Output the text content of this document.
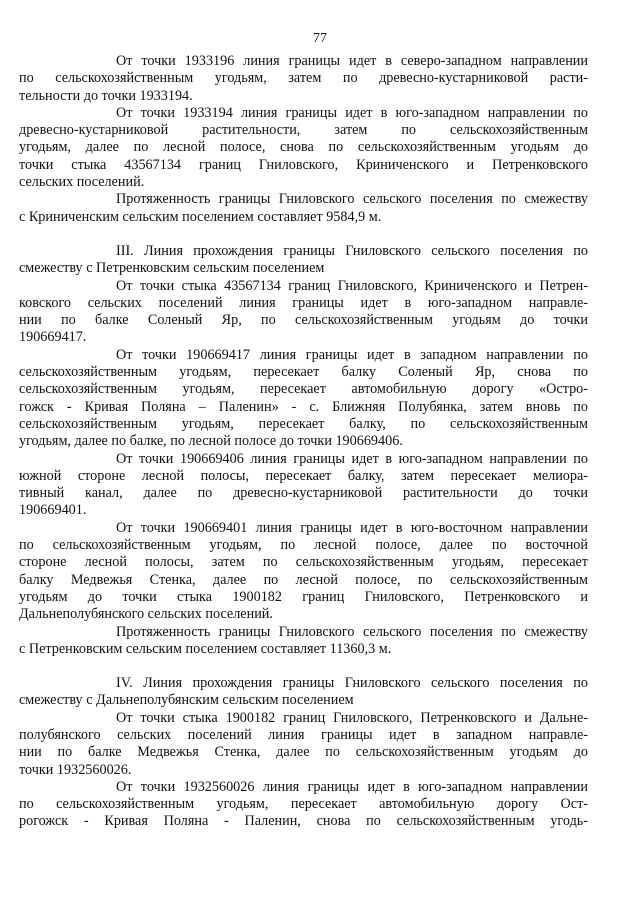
77
От точки 1933196 линия границы идет в северо-западном направлении
по сельскохозяйственным угодьям, затем по древесно-кустарниковой расти-
тельности до точки 1933194.
От точки 1933194 линия границы идет в юго-западном направлении по
древесно-кустарниковой растительности, затем по сельскохозяйственным
угодьям, далее по лесной полосе, снова по сельскохозяйственным угодьям до
точки стыка 43567134 границ Гниловского, Криниченского и Петренковского
сельских поселений.
Протяженность границы Гниловского сельского поселения по смежеству
с Криниченским сельским поселением составляет 9584,9 м.
III. Линия прохождения границы Гниловского сельского поселения по
смежеству с Петренковским сельским поселением
От точки стыка 43567134 границ Гниловского, Криниченского и Петрен-
ковского сельских поселений линия границы идет в юго-западном направле-
нии по балке Соленый Яр, по сельскохозяйственным угодьям до точки
190669417.
От точки 190669417 линия границы идет в западном направлении по
сельскохозяйственным угодьям, пересекает балку Соленый Яр, снова по
сельскохозяйственным угодьям, пересекает автомобильную дорогу «Остро-
гожск - Кривая Поляна – Паленин» - с. Ближняя Полубянка, затем вновь по
сельскохозяйственным угодьям, пересекает балку, по сельскохозяйственным
угодьям, далее по балке, по лесной полосе до точки 190669406.
От точки 190669406 линия границы идет в юго-западном направлении по
южной стороне лесной полосы, пересекает балку, затем пересекает мелиора-
тивный канал, далее по древесно-кустарниковой растительности до точки
190669401.
От точки 190669401 линия границы идет в юго-восточном направлении
по сельскохозяйственным угодьям, по лесной полосе, далее по восточной
стороне лесной полосы, затем по сельскохозяйственным угодьям, пересекает
балку Медвежья Стенка, далее по лесной полосе, по сельскохозяйственным
угодьям до точки стыка 1900182 границ Гниловского, Петренковского и
Дальнеполубянского сельских поселений.
Протяженность границы Гниловского сельского поселения по смежеству
с Петренковским сельским поселением составляет 11360,3 м.
IV. Линия прохождения границы Гниловского сельского поселения по
смежеству с Дальнеполубянским сельским поселением
От точки стыка 1900182 границ Гниловского, Петренковского и Дальне-
полубянского сельских поселений линия границы идет в западном направле-
нии по балке Медвежья Стенка, далее по сельскохозяйственным угодьям до
точки 1932560026.
От точки 1932560026 линия границы идет в юго-западном направлении
по сельскохозяйственным угодьям, пересекает автомобильную дорогу Ост-
рогожск - Кривая Поляна - Паленин, снова по сельскохозяйственным угодь-
